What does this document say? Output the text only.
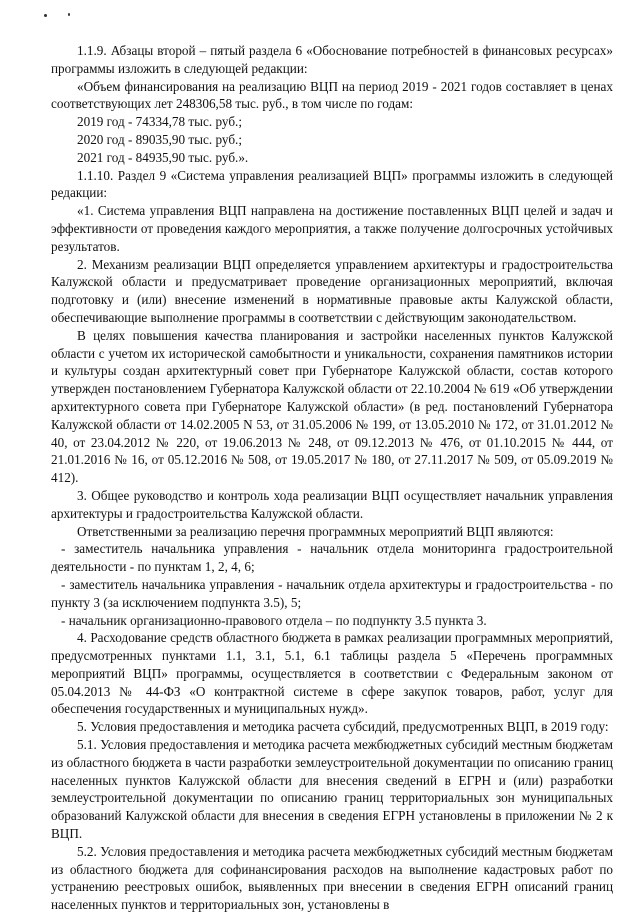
1.1.9. Абзацы второй – пятый раздела 6 «Обоснование потребностей в финансовых ресурсах» программы изложить в следующей редакции:

«Объем финансирования на реализацию ВЦП на период 2019 - 2021 годов составляет в ценах соответствующих лет 248306,58 тыс. руб., в том числе по годам:

2019 год - 74334,78 тыс. руб.;

2020 год - 89035,90 тыс. руб.;

2021 год - 84935,90 тыс. руб.».

1.1.10. Раздел 9 «Система управления реализацией ВЦП» программы изложить в следующей редакции:

«1. Система управления ВЦП направлена на достижение поставленных ВЦП целей и задач и эффективности от проведения каждого мероприятия, а также получение долгосрочных устойчивых результатов.

2. Механизм реализации ВЦП определяется управлением архитектуры и градостроительства Калужской области и предусматривает проведение организационных мероприятий, включая подготовку и (или) внесение изменений в нормативные правовые акты Калужской области, обеспечивающие выполнение программы в соответствии с действующим законодательством.

В целях повышения качества планирования и застройки населенных пунктов Калужской области с учетом их исторической самобытности и уникальности, сохранения памятников истории и культуры создан архитектурный совет при Губернаторе Калужской области, состав которого утвержден постановлением Губернатора Калужской области от 22.10.2004 № 619 «Об утверждении архитектурного совета при Губернаторе Калужской области» (в ред. постановлений Губернатора Калужской области от 14.02.2005 N 53, от 31.05.2006 № 199, от 13.05.2010 № 172, от 31.01.2012 № 40, от 23.04.2012 № 220, от 19.06.2013 № 248, от 09.12.2013 № 476, от 01.10.2015 № 444, от 21.01.2016 № 16, от 05.12.2016 № 508, от 19.05.2017 № 180, от 27.11.2017 № 509, от 05.09.2019 № 412).

3. Общее руководство и контроль хода реализации ВЦП осуществляет начальник управления архитектуры и градостроительства Калужской области.

Ответственными за реализацию перечня программных мероприятий ВЦП являются:

- заместитель начальника управления - начальник отдела мониторинга градостроительной деятельности - по пунктам 1, 2, 4, 6;

- заместитель начальника управления - начальник отдела архитектуры и градостроительства - по пункту 3 (за исключением подпункта 3.5), 5;

- начальник организационно-правового отдела – по подпункту 3.5 пункта 3.

4. Расходование средств областного бюджета в рамках реализации программных мероприятий, предусмотренных пунктами 1.1, 3.1, 5.1, 6.1 таблицы раздела 5 «Перечень программных мероприятий ВЦП» программы, осуществляется в соответствии с Федеральным законом от 05.04.2013 № 44-ФЗ «О контрактной системе в сфере закупок товаров, работ, услуг для обеспечения государственных и муниципальных нужд».

5. Условия предоставления и методика расчета субсидий, предусмотренных ВЦП, в 2019 году:

5.1. Условия предоставления и методика расчета межбюджетных субсидий местным бюджетам из областного бюджета в части разработки землеустроительной документации по описанию границ населенных пунктов Калужской области для внесения сведений в ЕГРН и (или) разработки землеустроительной документации по описанию границ территориальных зон муниципальных образований Калужской области для внесения в сведения ЕГРН установлены в приложении № 2 к ВЦП.

5.2. Условия предоставления и методика расчета межбюджетных субсидий местным бюджетам из областного бюджета для софинансирования расходов на выполнение кадастровых работ по устранению реестровых ошибок, выявленных при внесении в сведения ЕГРН описаний границ населенных пунктов и территориальных зон, установлены в
